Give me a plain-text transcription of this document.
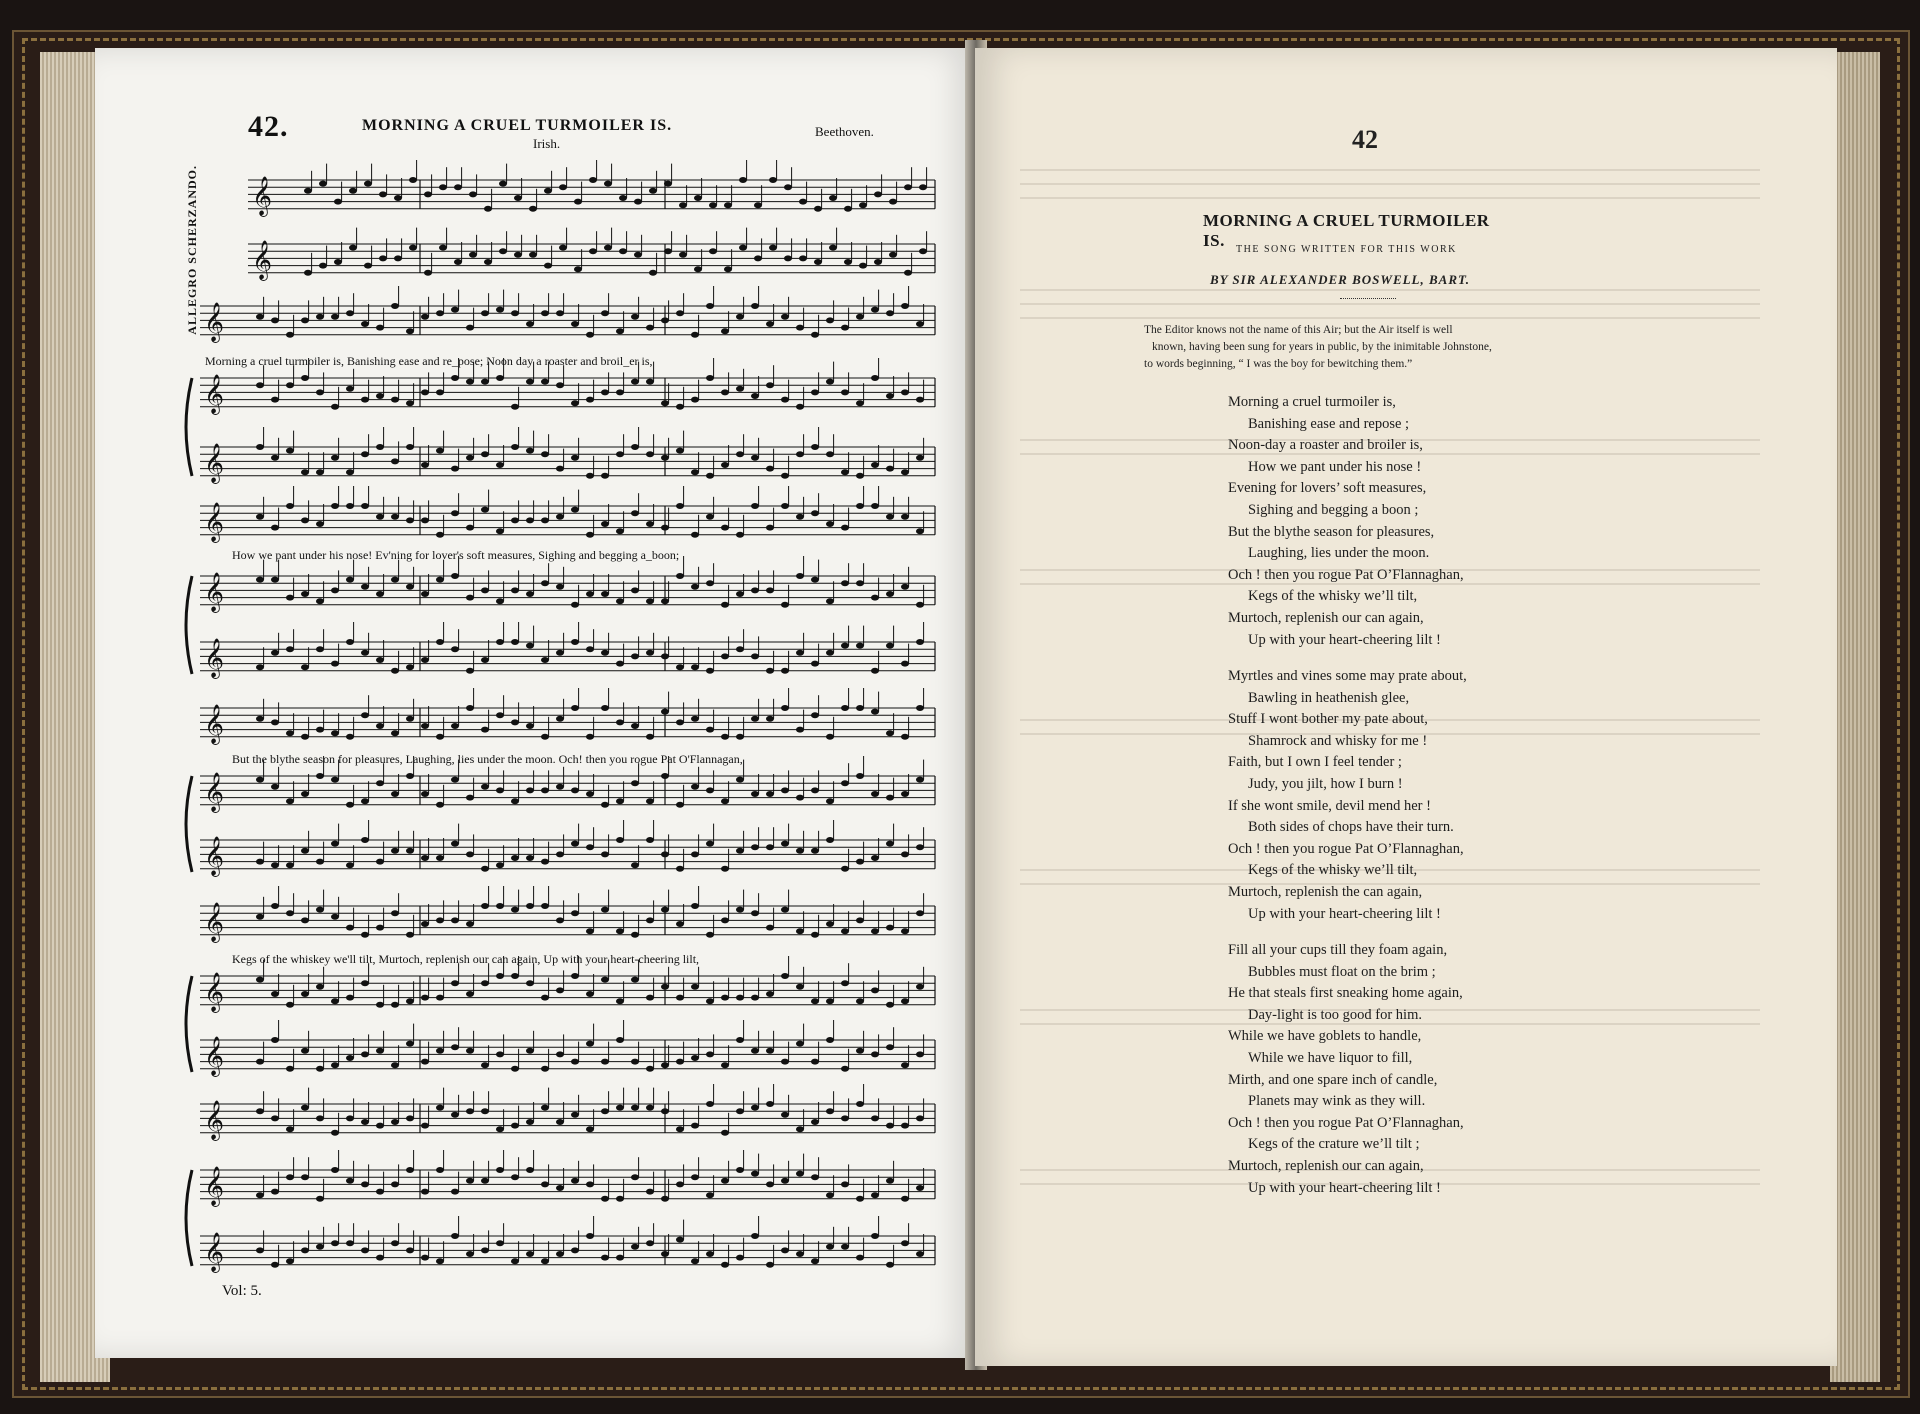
𝄞
𝄞
𝄞
𝄞
𝄞
𝄞
𝄞
𝄞
𝄞
𝄞
𝄞
𝄞
𝄞
𝄞
𝄞
𝄞
𝄞
42.	MORNING A CRUEL TURMOILER IS.	Beethoven.
Irish.
ALLEGRO SCHERZANDO.
Morning a cruel turmoiler is, Banishing ease and re_pose; Noon day a roaster and broil_er is,
How we pant under his nose! Ev'ning for lover's soft measures, Sighing and begging a_boon;
But the blythe season for pleasures, Laughing, lies under the moon. Och! then you rogue Pat O'Flannagan,
Kegs of the whiskey we'll tilt, Murtoch, replenish our can again, Up with your heart-cheering lilt,
Vol: 5.
42
MORNING A CRUEL TURMOILER IS.	THE SONG WRITTEN FOR THIS WORK
BY SIR ALEXANDER BOSWELL, BART.
The Editor knows not the name of this Air; but the Air itself is well
known, having been sung for years in public, by the inimitable Johnstone,
to words beginning, “ I was the boy for bewitching them.”
Morning a cruel turmoiler is,
Banishing ease and repose ;
Noon-day a roaster and broiler is,
How we pant under his nose !
Evening for lovers’ soft measures,
Sighing and begging a boon ;
But the blythe season for pleasures,
Laughing, lies under the moon.
Och ! then you rogue Pat O’Flannaghan,
Kegs of the whisky we’ll tilt,
Murtoch, replenish our can again,
Up with your heart-cheering lilt !
Myrtles and vines some may prate about,
Bawling in heathenish glee,
Stuff I wont bother my pate about,
Shamrock and whisky for me !
Faith, but I own I feel tender ;
Judy, you jilt, how I burn !
If she wont smile, devil mend her !
Both sides of chops have their turn.
Och ! then you rogue Pat O’Flannaghan,
Kegs of the whisky we’ll tilt,
Murtoch, replenish the can again,
Up with your heart-cheering lilt !
Fill all your cups till they foam again,
Bubbles must float on the brim ;
He that steals first sneaking home again,
Day-light is too good for him.
While we have goblets to handle,
While we have liquor to fill,
Mirth, and one spare inch of candle,
Planets may wink as they will.
Och ! then you rogue Pat O’Flannaghan,
Kegs of the crature we’ll tilt ;
Murtoch, replenish our can again,
Up with your heart-cheering lilt !
